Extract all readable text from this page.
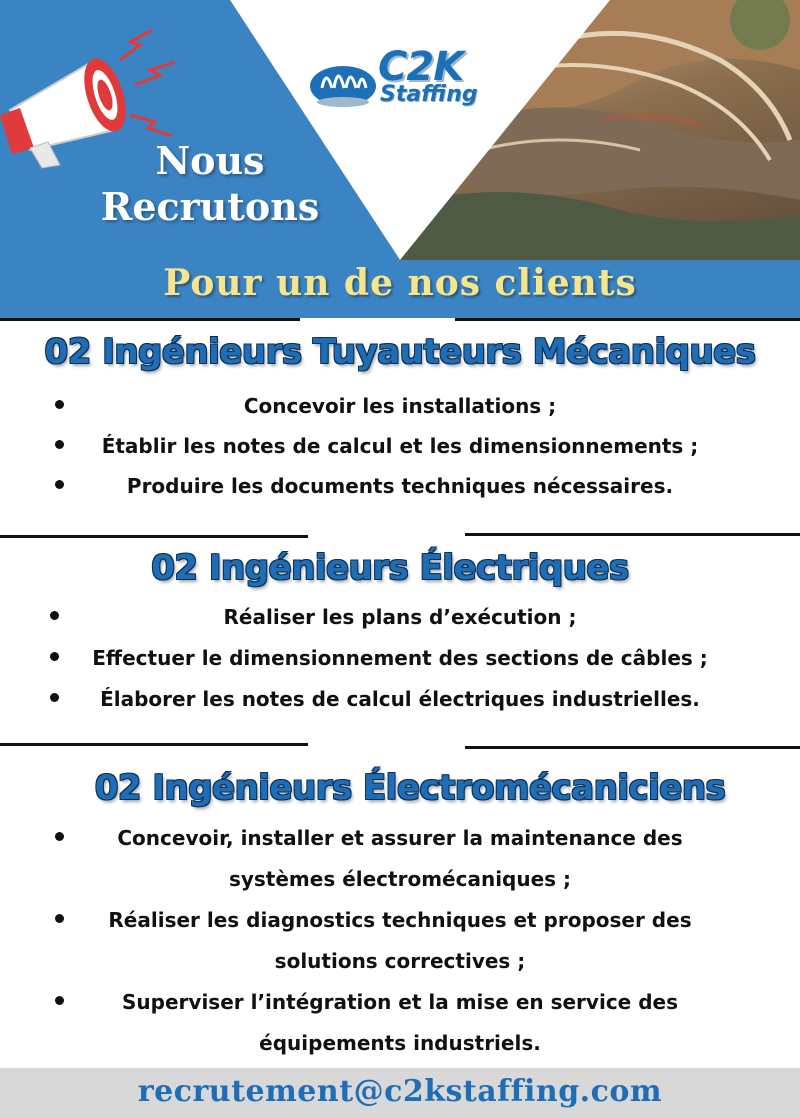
C2K
Staffing
Nous
Recrutons
Pour un de nos clients
02 Ingénieurs Tuyauteurs Mécaniques
Concevoir les installations ;
Établir les notes de calcul et les dimensionnements ;
Produire les documents techniques nécessaires.
02 Ingénieurs Électriques
Réaliser les plans d’exécution ;
Effectuer le dimensionnement des sections de câbles ;
Élaborer les notes de calcul électriques industrielles.
02 Ingénieurs Électromécaniciens
Concevoir, installer et assurer la maintenance des
systèmes électromécaniques ;
Réaliser les diagnostics techniques et proposer des
solutions correctives ;
Superviser l’intégration et la mise en service des
équipements industriels.
recrutement@c2kstaffing.com
